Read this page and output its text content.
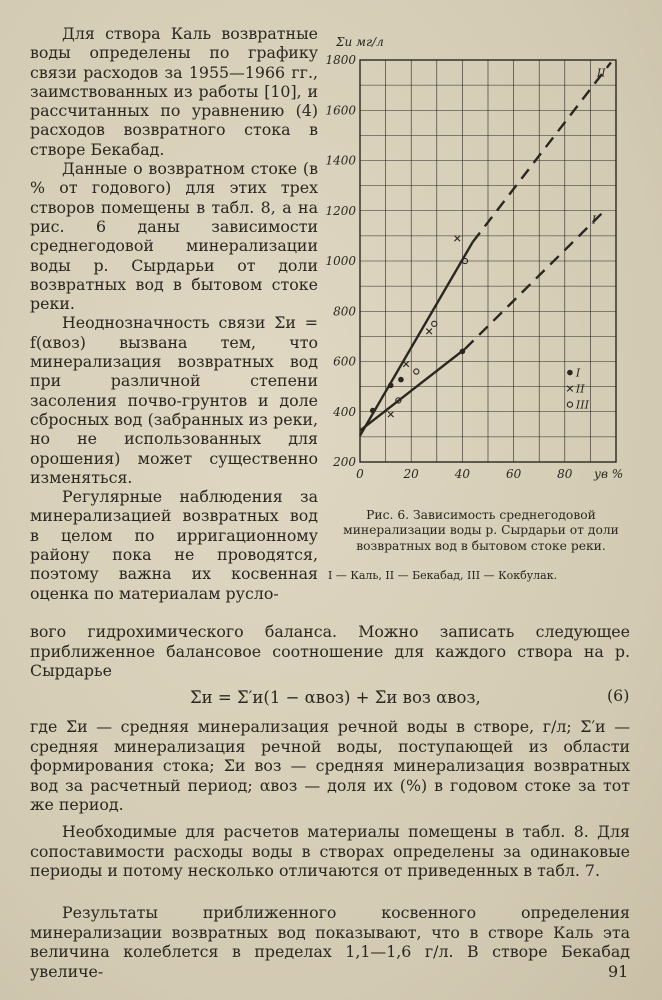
Для створа Каль возвратные воды определены по графику связи расходов за 1955—1966 гг., заимствованных из работы [10], и рассчитанных по уравнению (4) расходов возвратного стока в створе Бекабад.

Данные о возвратном стоке (в % от годового) для этих трех створов помещены в табл. 8, а на рис. 6 даны зависимости среднегодовой минерализации воды р. Сырдарьи от доли возвратных вод в бытовом стоке реки.

Неоднозначность связи Σ̄и = f(αвоз) вызвана тем, что минерализация возвратных вод при различной степени засоления почво-грунтов и доле сбросных вод (забранных из реки, но не использованных для орошения) может существенно изменяться.

Регулярные наблюдения за минерализацией возвратных вод в целом по ирригационному району пока не проводятся, поэтому важна их косвенная оценка по материалам русло-

200
400
600
800
1000
1200
1400
1600
1800
0	20	40	60	80
Σи мг/л
ув %
II
I
I
II
III
Рис. 6. Зависимость среднегодовой минерализации воды р. Сырдарьи от доли возвратных вод в бытовом стоке реки.
I — Каль, II — Бекабад, III — Кокбулак.

вого гидрохимического баланса. Можно записать следующее приближенное балансовое соотношение для каждого створа на р. Сырдарье

Σ̄и = Σ̄′и(1 − αвоз) + Σ̄и воз αвоз,	(6)

где Σ̄и — средняя минерализация речной воды в створе, г/л; Σ̄′и — средняя минерализация речной воды, поступающей из области формирования стока; Σ̄и воз — средняя минерализация возвратных вод за расчетный период; αвоз — доля их (%) в годовом стоке за тот же период.

Необходимые для расчетов материалы помещены в табл. 8. Для сопоставимости расходы воды в створах определены за одинаковые периоды и потому несколько отличаются от приведенных в табл. 7.

Результаты приближенного косвенного определения минерализации возвратных вод показывают, что в створе Каль эта величина колеблется в пределах 1,1—1,6 г/л. В створе Бекабад увеличе-	91
